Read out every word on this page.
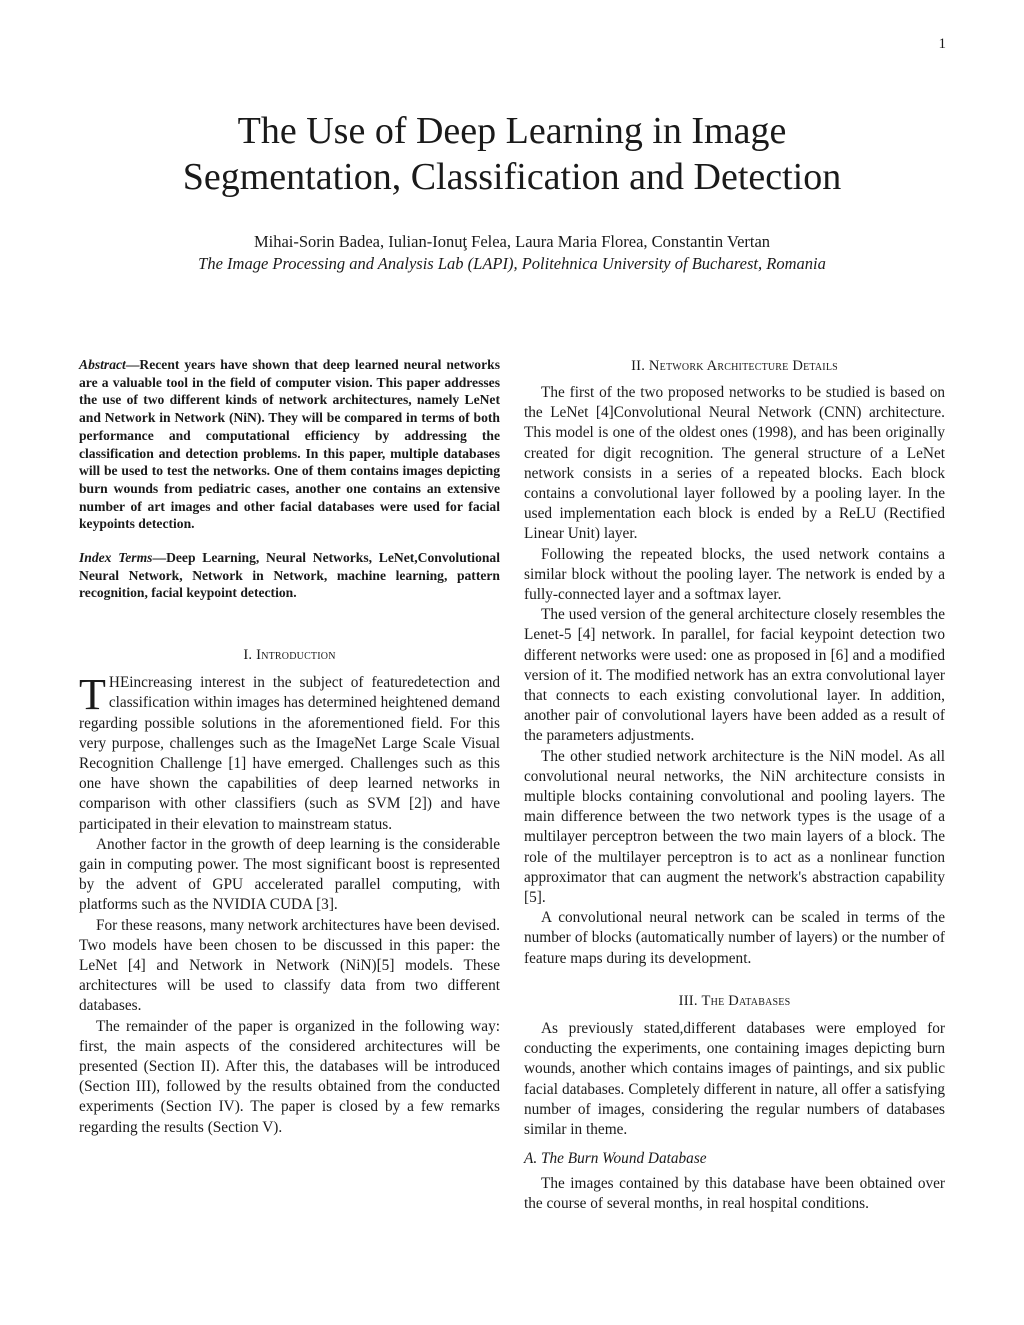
1
The Use of Deep Learning in Image
Segmentation, Classification and Detection
Mihai-Sorin Badea, Iulian-Ionuţ Felea, Laura Maria Florea, Constantin Vertan
The Image Processing and Analysis Lab (LAPI), Politehnica University of Bucharest, Romania

Abstract—Recent years have shown that deep learned neural networks are a valuable tool in the field of computer vision. This paper addresses the use of two different kinds of network architectures, namely LeNet and Network in Network (NiN). They will be compared in terms of both performance and computational efficiency by addressing the classification and detection problems. In this paper, multiple databases will be used to test the networks. One of them contains images depicting burn wounds from pediatric cases, another one contains an extensive number of art images and other facial databases were used for facial keypoints detection.

Index Terms—Deep Learning, Neural Networks, LeNet,Convolutional Neural Network, Network in Network, machine learning, pattern recognition, facial keypoint detection.

I. Introduction

T HEincreasing interest in the subject of featuredetection and classification within images has determined heightened demand regarding possible solutions in the aforementioned field. For this very purpose, challenges such as the ImageNet Large Scale Visual Recognition Challenge [1] have emerged. Challenges such as this one have shown the capabilities of deep learned networks in comparison with other classifiers (such as SVM [2]) and have participated in their elevation to mainstream status.

Another factor in the growth of deep learning is the considerable gain in computing power. The most significant boost is represented by the advent of GPU accelerated parallel computing, with platforms such as the NVIDIA CUDA [3].

For these reasons, many network architectures have been devised. Two models have been chosen to be discussed in this paper: the LeNet [4] and Network in Network (NiN)[5] models. These architectures will be used to classify data from two different databases.

The remainder of the paper is organized in the following way: first, the main aspects of the considered architectures will be presented (Section II). After this, the databases will be introduced (Section III), followed by the results obtained from the conducted experiments (Section IV). The paper is closed by a few remarks regarding the results (Section V).

II. Network Architecture Details

The first of the two proposed networks to be studied is based on the LeNet [4]Convolutional Neural Network (CNN) architecture. This model is one of the oldest ones (1998), and has been originally created for digit recognition. The general structure of a LeNet network consists in a series of a repeated blocks. Each block contains a convolutional layer followed by a pooling layer. In the used implementation each block is ended by a ReLU (Rectified Linear Unit) layer.

Following the repeated blocks, the used network contains a similar block without the pooling layer. The network is ended by a fully-connected layer and a softmax layer.

The used version of the general architecture closely resembles the Lenet-5 [4] network. In parallel, for facial keypoint detection two different networks were used: one as proposed in [6] and a modified version of it. The modified network has an extra convolutional layer that connects to each existing convolutional layer. In addition, another pair of convolutional layers have been added as a result of the parameters adjustments.

The other studied network architecture is the NiN model. As all convolutional neural networks, the NiN architecture consists in multiple blocks containing convolutional and pooling layers. The main difference between the two network types is the usage of a multilayer perceptron between the two main layers of a block. The role of the multilayer perceptron is to act as a nonlinear function approximator that can augment the network's abstraction capability [5].

A convolutional neural network can be scaled in terms of the number of blocks (automatically number of layers) or the number of feature maps during its development.

III. The Databases

As previously stated,different databases were employed for conducting the experiments, one containing images depicting burn wounds, another which contains images of paintings, and six public facial databases. Completely different in nature, all offer a satisfying number of images, considering the regular numbers of databases similar in theme.

A. The Burn Wound Database

The images contained by this database have been obtained over the course of several months, in real hospital conditions.
